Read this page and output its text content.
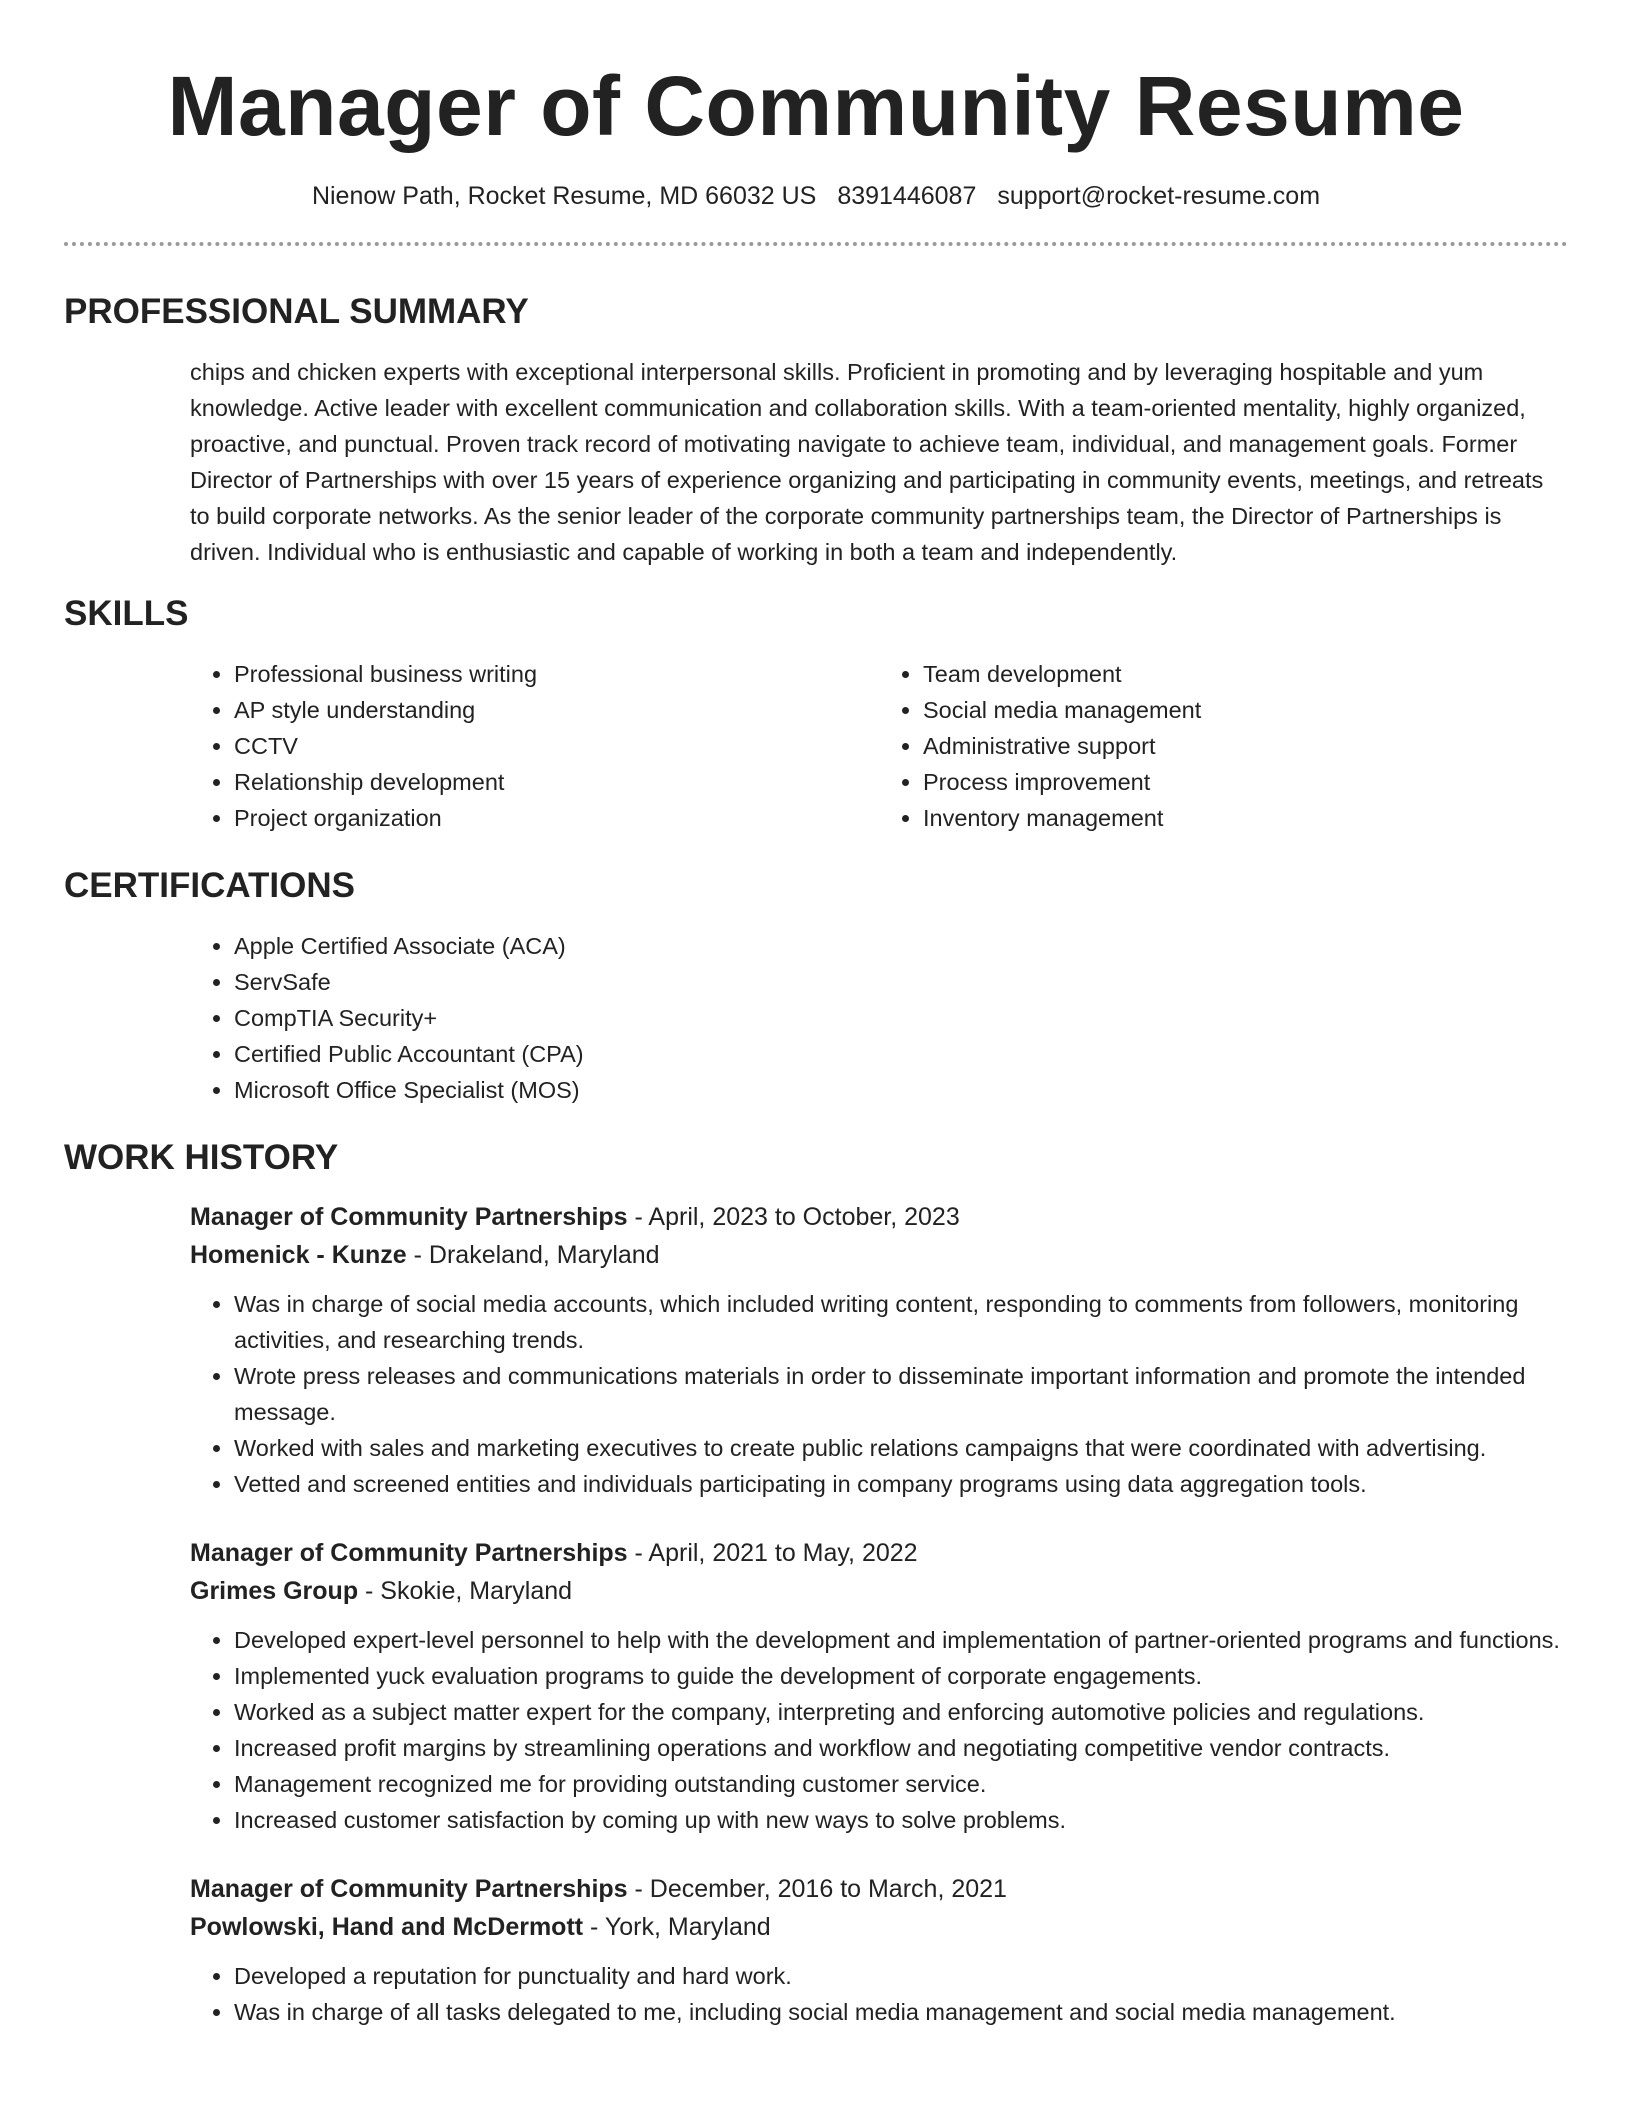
Manager of Community Resume
Nienow Path, Rocket Resume, MD 66032 US 8391446087 support@rocket-resume.com
PROFESSIONAL SUMMARY

chips and chicken experts with exceptional interpersonal skills. Proficient in promoting and by leveraging hospitable and yum knowledge. Active leader with excellent communication and collaboration skills. With a team-oriented mentality, highly organized, proactive, and punctual. Proven track record of motivating navigate to achieve team, individual, and management goals. Former Director of Partnerships with over 15 years of experience organizing and participating in community events, meetings, and retreats to build corporate networks. As the senior leader of the corporate community partnerships team, the Director of Partnerships is driven. Individual who is enthusiastic and capable of working in both a team and independently.

SKILLS
• Professional business writing
• AP style understanding
• CCTV
• Relationship development
• Project organization
• Team development
• Social media management
• Administrative support
• Process improvement
• Inventory management
CERTIFICATIONS
• Apple Certified Associate (ACA)
• ServSafe
• CompTIA Security+
• Certified Public Accountant (CPA)
• Microsoft Office Specialist (MOS)
WORK HISTORY
Manager of Community Partnerships - April, 2023 to October, 2023
Homenick - Kunze - Drakeland, Maryland
• Was in charge of social media accounts, which included writing content, responding to comments from followers, monitoring activities, and researching trends.
• Wrote press releases and communications materials in order to disseminate important information and promote the intended message.
• Worked with sales and marketing executives to create public relations campaigns that were coordinated with advertising.
• Vetted and screened entities and individuals participating in company programs using data aggregation tools.
Manager of Community Partnerships - April, 2021 to May, 2022
Grimes Group - Skokie, Maryland
• Developed expert-level personnel to help with the development and implementation of partner-oriented programs and functions.
• Implemented yuck evaluation programs to guide the development of corporate engagements.
• Worked as a subject matter expert for the company, interpreting and enforcing automotive policies and regulations.
• Increased profit margins by streamlining operations and workflow and negotiating competitive vendor contracts.
• Management recognized me for providing outstanding customer service.
• Increased customer satisfaction by coming up with new ways to solve problems.
Manager of Community Partnerships - December, 2016 to March, 2021
Powlowski, Hand and McDermott - York, Maryland
• Developed a reputation for punctuality and hard work.
• Was in charge of all tasks delegated to me, including social media management and social media management.
